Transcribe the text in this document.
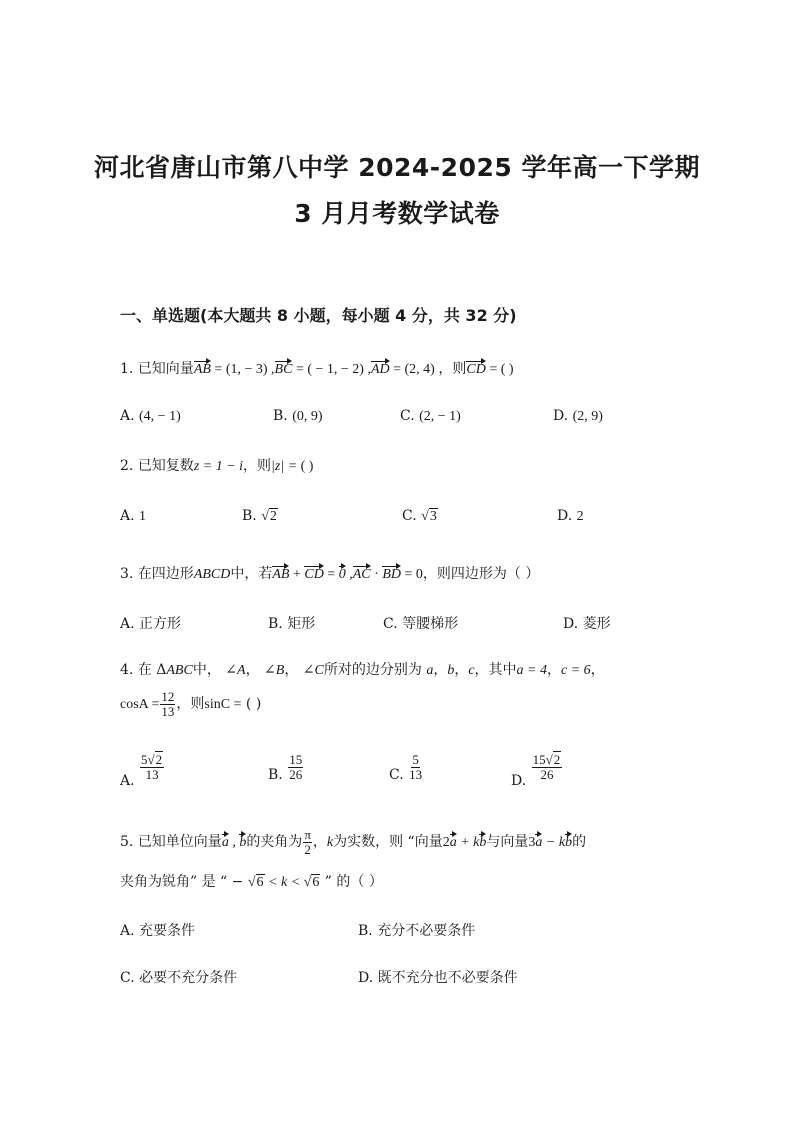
河北省唐山市第八中学 2024-2025 学年高一下学期
3 月月考数学试卷
一、单选题(本大题共 8 小题，每小题 4 分，共 32 分)
1. 已知向量AB = (1, − 3) ,BC = ( − 1, − 2) ,AD = (2, 4) ，则CD = ( )
A. (4, − 1)	B. (0, 9)	C. (2, − 1)	D. (2, 9)
2. 已知复数z = 1 − i，则|z| = ( )
A. 1	B. √2	C. √3	D. 2
3. 在四边形ABCD中，若AB + CD = 0 ,AC · BD = 0，则四边形为（ ）
A. 正方形	B. 矩形	C. 等腰梯形	D. 菱形
4. 在 ΔABC中， ∠A， ∠B， ∠C所对的边分别为 a，b，c，其中a = 4，c = 6，
$\cos A = \frac{12}{13}$ ，则sinC = ( )
A. $\frac{5√2}{13}$	B. $\frac{15}{26}$	C. $\frac{5}{13}$	D. $\frac{15√2}{26}$
5. 已知单位向量a , b的夹角为 $\frac{\pi}{2}$ ，k为实数，则 “向量2a + kb与向量3a − kb的
夹角为锐角” 是 “ − √6 < k < √6 ” 的（ ）
A. 充要条件	B. 充分不必要条件
C. 必要不充分条件	D. 既不充分也不必要条件
